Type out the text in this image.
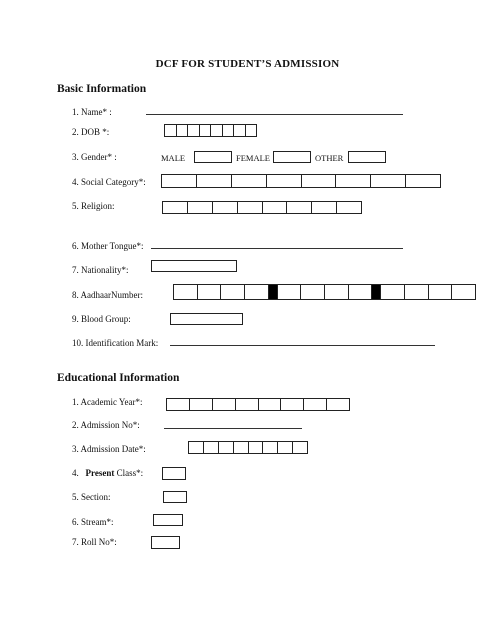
DCF FOR STUDENT’S ADMISSION
Basic Information
1. Name* :
2. DOB *:
3. Gender* :	MALE	FEMALE	OTHER
4. Social Category*:
5. Religion:
6. Mother Tongue*:
7. Nationality*:
8. AadhaarNumber:
9. Blood Group:
10. Identification Mark:
Educational Information
1. Academic Year*:
2. Admission No*:
3. Admission Date*:
4.   Present Class*:
5. Section:
6. Stream*:
7. Roll No*:
